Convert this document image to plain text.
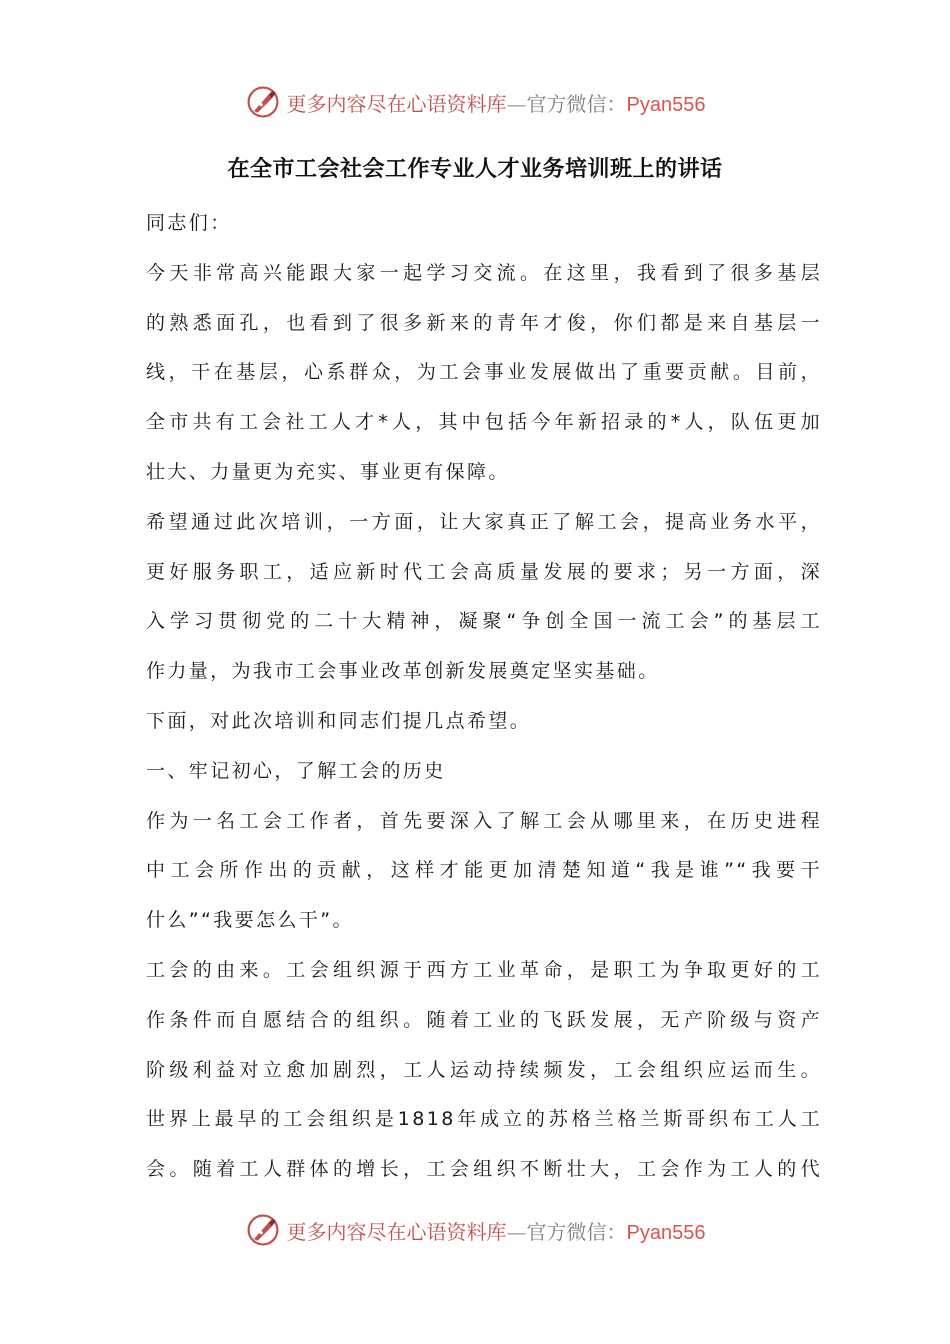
更多内容尽在心语资料库—官方微信：Pyan556
在全市工会社会工作专业人才业务培训班上的讲话
同志们：
今天非常高兴能跟大家一起学习交流。在这里，我看到了很多基层
的熟悉面孔，也看到了很多新来的青年才俊，你们都是来自基层一
线，干在基层，心系群众，为工会事业发展做出了重要贡献。目前，
全市共有工会社工人才*人，其中包括今年新招录的*人，队伍更加
壮大、力量更为充实、事业更有保障。
希望通过此次培训，一方面，让大家真正了解工会，提高业务水平，
更好服务职工，适应新时代工会高质量发展的要求；另一方面，深
入学习贯彻党的二十大精神，凝聚“争创全国一流工会”的基层工
作力量，为我市工会事业改革创新发展奠定坚实基础。
下面，对此次培训和同志们提几点希望。
一、牢记初心，了解工会的历史
作为一名工会工作者，首先要深入了解工会从哪里来，在历史进程
中工会所作出的贡献，这样才能更加清楚知道“我是谁”“我要干
什么”“我要怎么干”。
工会的由来。工会组织源于西方工业革命，是职工为争取更好的工
作条件而自愿结合的组织。随着工业的飞跃发展，无产阶级与资产
阶级利益对立愈加剧烈，工人运动持续频发，工会组织应运而生。
世界上最早的工会组织是1818年成立的苏格兰格兰斯哥织布工人工
会。随着工人群体的增长，工会组织不断壮大，工会作为工人的代
更多内容尽在心语资料库—官方微信：Pyan556
